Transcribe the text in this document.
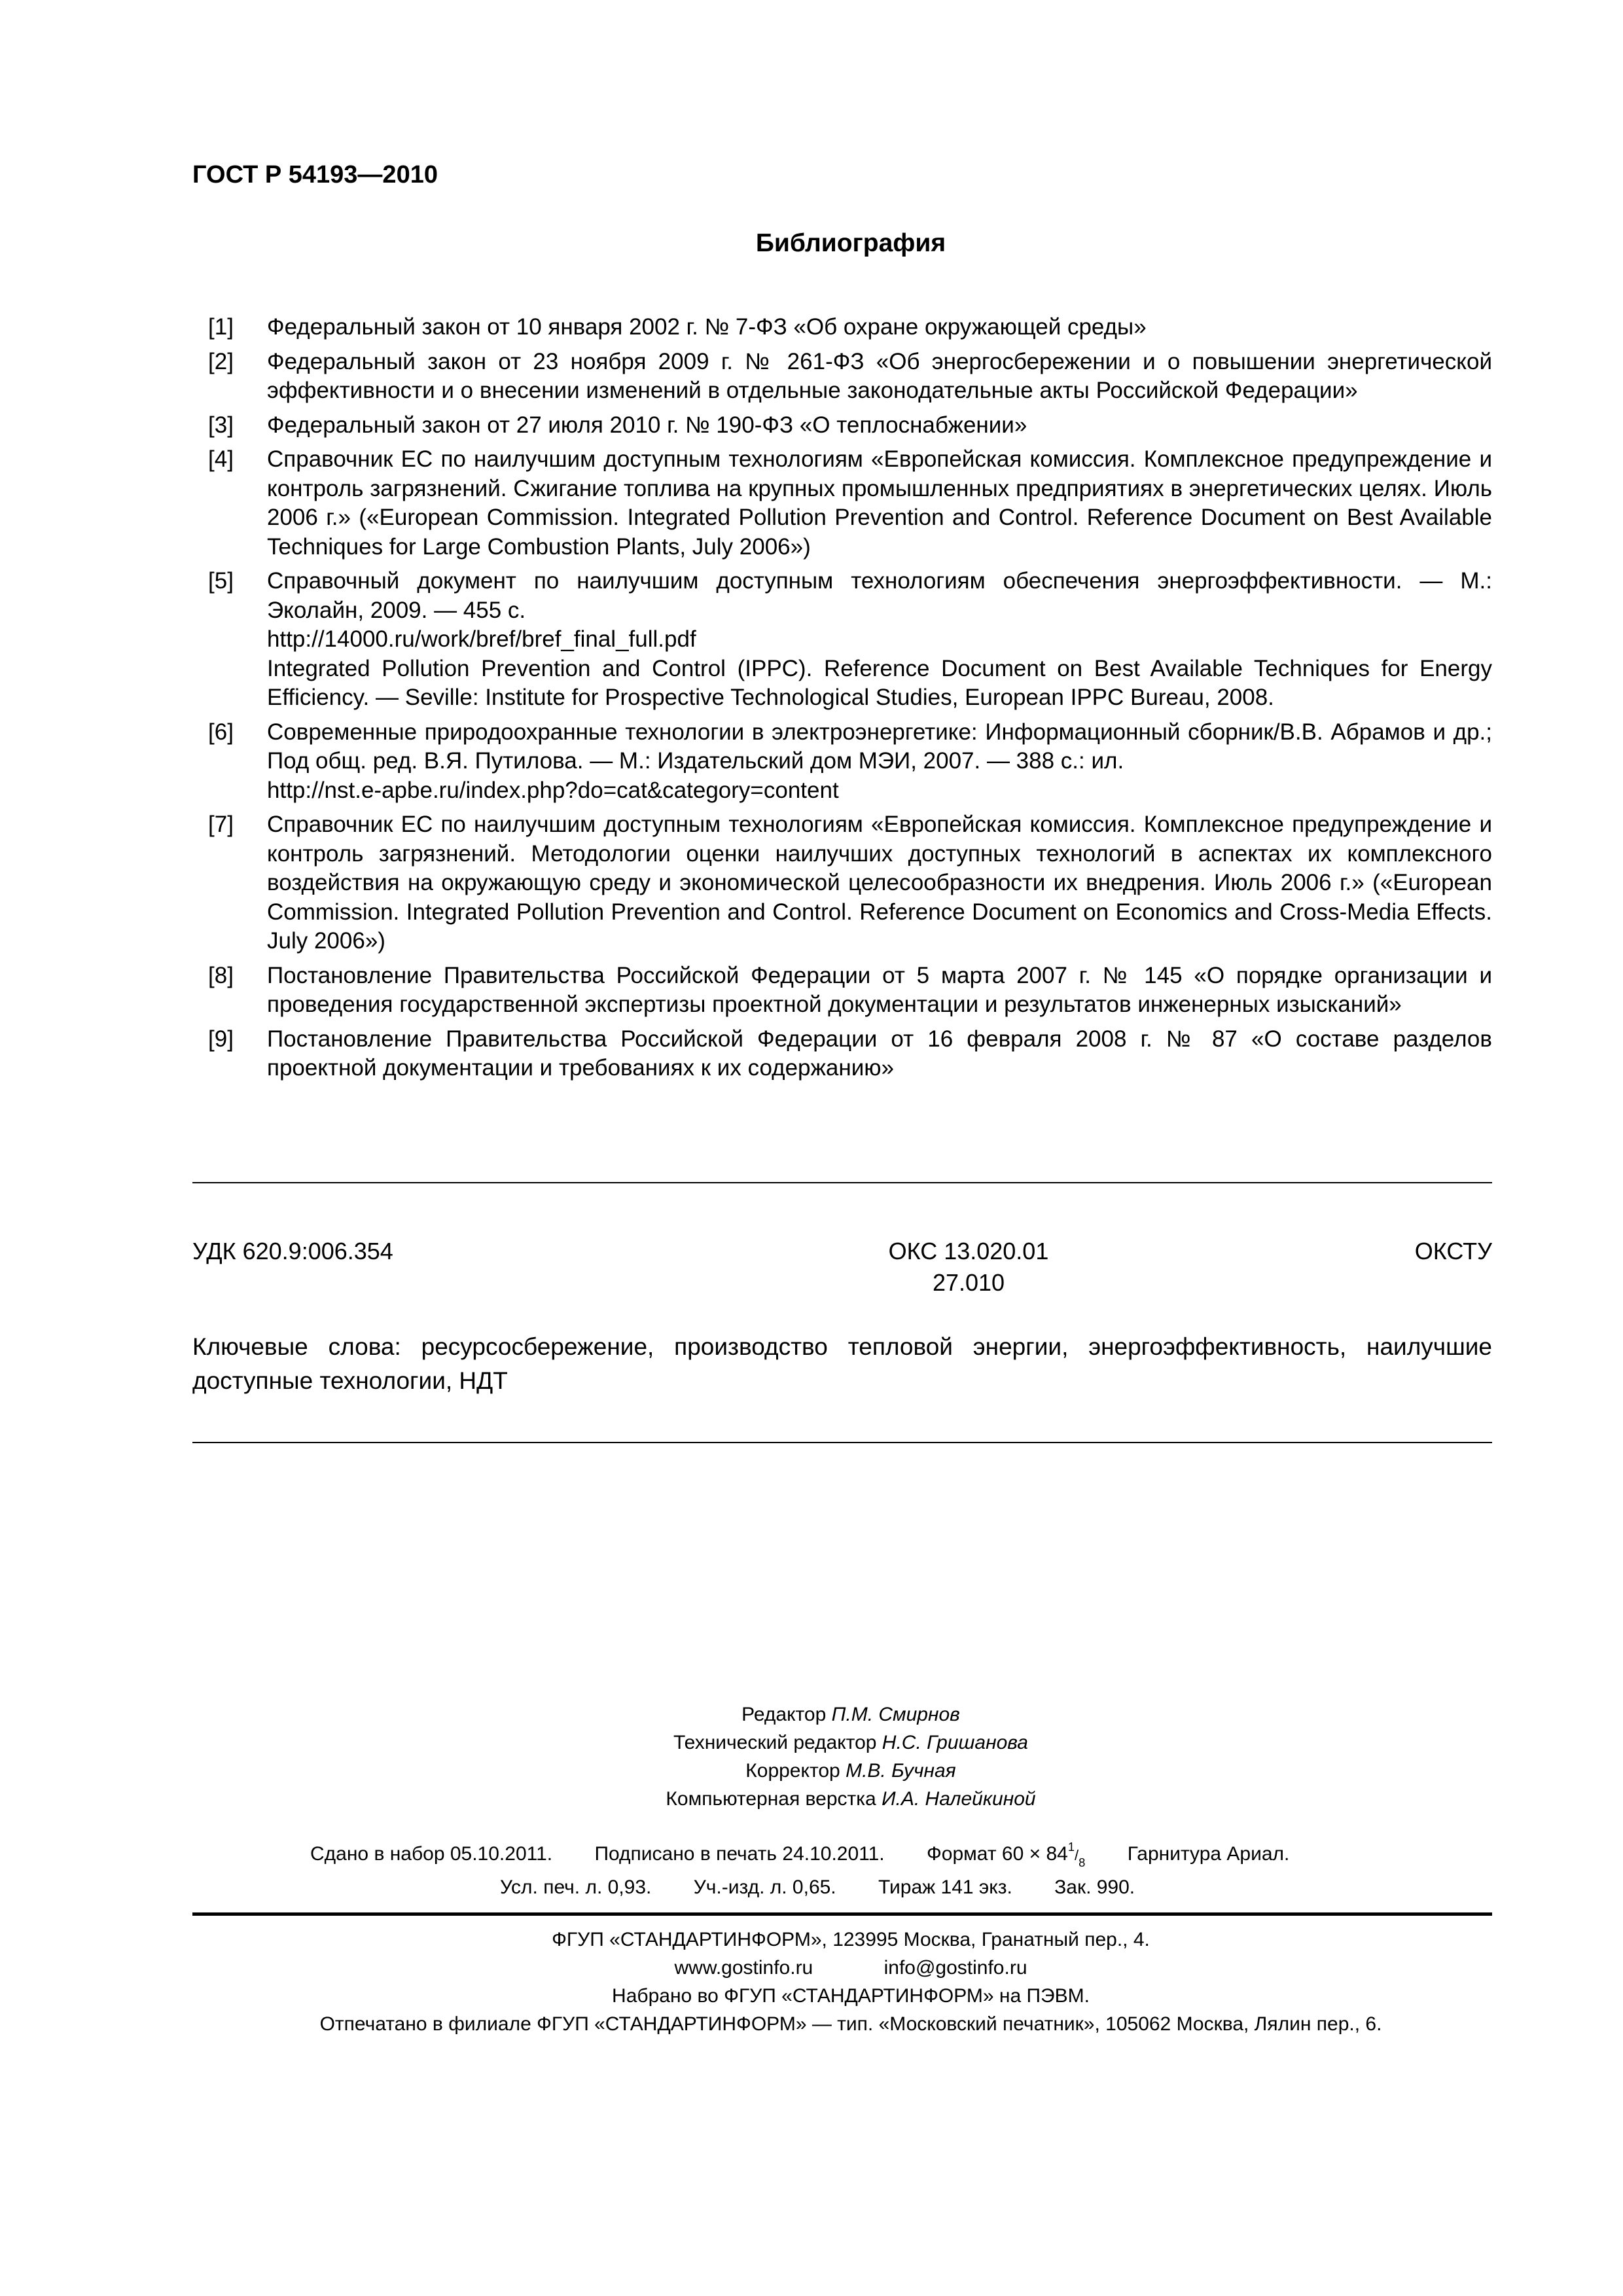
ГОСТ Р 54193—2010

Библиография
[1]	Федеральный закон от 10 января 2002 г. № 7-ФЗ «Об охране окружающей среды»
[2]	Федеральный закон от 23 ноября 2009 г. № 261-ФЗ «Об энергосбережении и о повышении энергетической эффективности и о внесении изменений в отдельные законодательные акты Российской Федерации»
[3]	Федеральный закон от 27 июля 2010 г. № 190-ФЗ «О теплоснабжении»
[4]	Справочник ЕС по наилучшим доступным технологиям «Европейская комиссия. Комплексное предупреждение и контроль загрязнений. Сжигание топлива на крупных промышленных предприятиях в энергетических целях. Июль 2006 г.» («European Commission. Integrated Pollution Prevention and Control. Reference Document on Best Available Techniques for Large Combustion Plants, July 2006»)
[5]	Справочный документ по наилучшим доступным технологиям обеспечения энергоэффективности. — М.: Эколайн, 2009. — 455 с.
http://14000.ru/work/bref/bref_final_full.pdf
Integrated Pollution Prevention and Control (IPPC). Reference Document on Best Available Techniques for Energy Efficiency. — Seville: Institute for Prospective Technological Studies, European IPPC Bureau, 2008.
[6]	Современные природоохранные технологии в электроэнергетике: Информационный сборник/В.В. Абрамов и др.; Под общ. ред. В.Я. Путилова. — М.: Издательский дом МЭИ, 2007. — 388 с.: ил.
http://nst.e-apbe.ru/index.php?do=cat&category=content
[7]	Справочник ЕС по наилучшим доступным технологиям «Европейская комиссия. Комплексное предупреждение и контроль загрязнений. Методологии оценки наилучших доступных технологий в аспектах их комплексного воздействия на окружающую среду и экономической целесообразности их внедрения. Июль 2006 г.» («European Commission. Integrated Pollution Prevention and Control. Reference Document on Economics and Cross-Media Effects. July 2006»)
[8]	Постановление Правительства Российской Федерации от 5 марта 2007 г. № 145 «О порядке организации и проведения государственной экспертизы проектной документации и результатов инженерных изысканий»
[9]	Постановление Правительства Российской Федерации от 16 февраля 2008 г. № 87 «О составе разделов проектной документации и требованиях к их содержанию»
УДК 620.9:006.354	ОКС 13.020.01
27.010
ОКСТУ

Ключевые слова: ресурсосбережение, производство тепловой энергии, энергоэффективность, наилучшие доступные технологии, НДТ

Редактор П.М. Смирнов
Технический редактор Н.С. Гришанова
Корректор М.В. Бучная
Компьютерная верстка И.А. Налейкиной
Сдано в набор 05.10.2011. Подписано в печать 24.10.2011. Формат $60 \times 84^1/_8$ Гарнитура Ариал.
Усл. печ. л. 0,93. Уч.-изд. л. 0,65. Тираж 141 экз. Зак. 990.
ФГУП «СТАНДАРТИНФОРМ», 123995 Москва, Гранатный пер., 4.
www.gostinfo.ru	info@gostinfo.ru
Набрано во ФГУП «СТАНДАРТИНФОРМ» на ПЭВМ.
Отпечатано в филиале ФГУП «СТАНДАРТИНФОРМ» — тип. «Московский печатник», 105062 Москва, Лялин пер., 6.
